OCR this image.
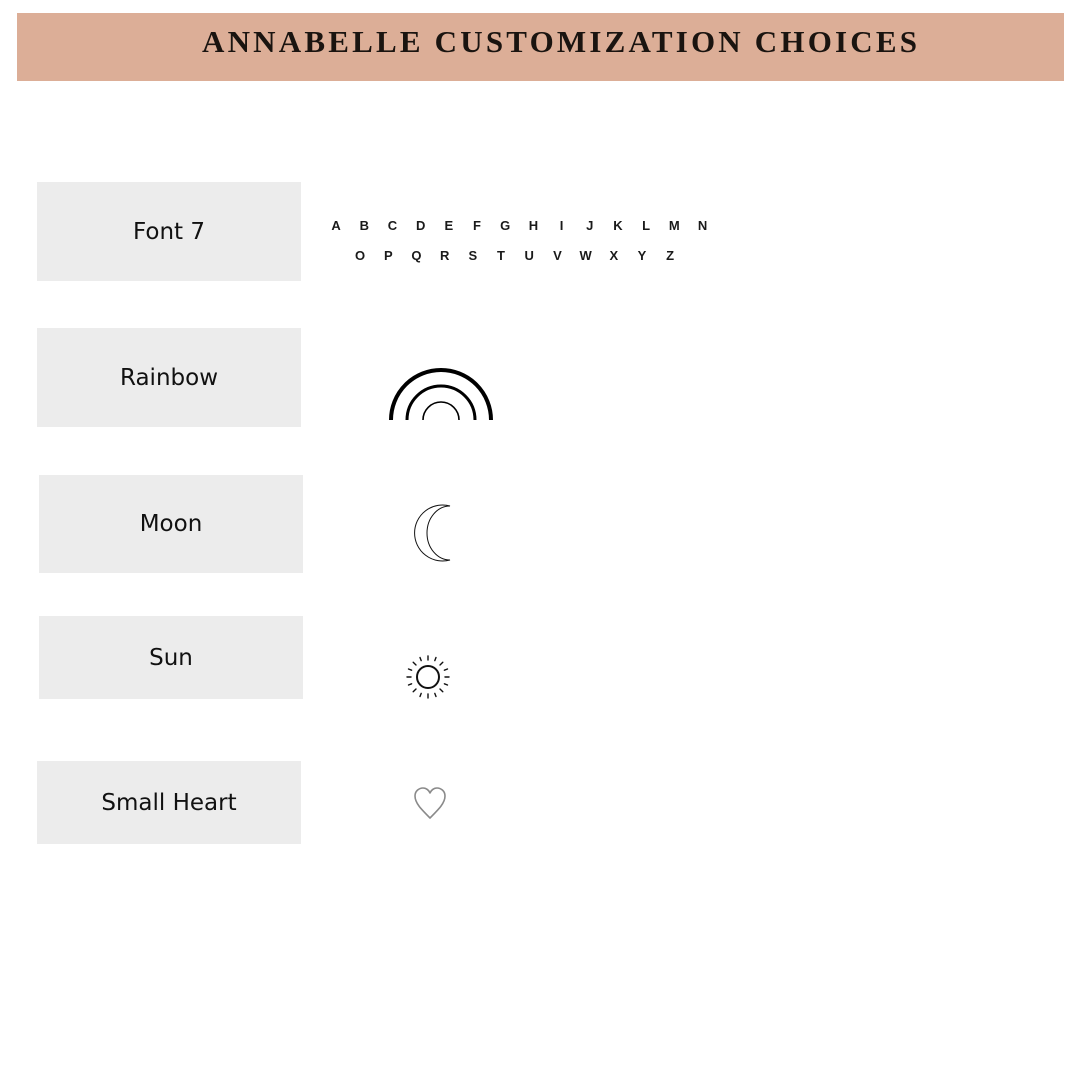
ANNABELLE CUSTOMIZATION CHOICES
Font 7
Rainbow
Moon
Sun
Small Heart
A	B	C	D	E	F	G	H	I	J	K	L	M	N
O	P	Q	R	S	T	U	V	W	X	Y	Z
